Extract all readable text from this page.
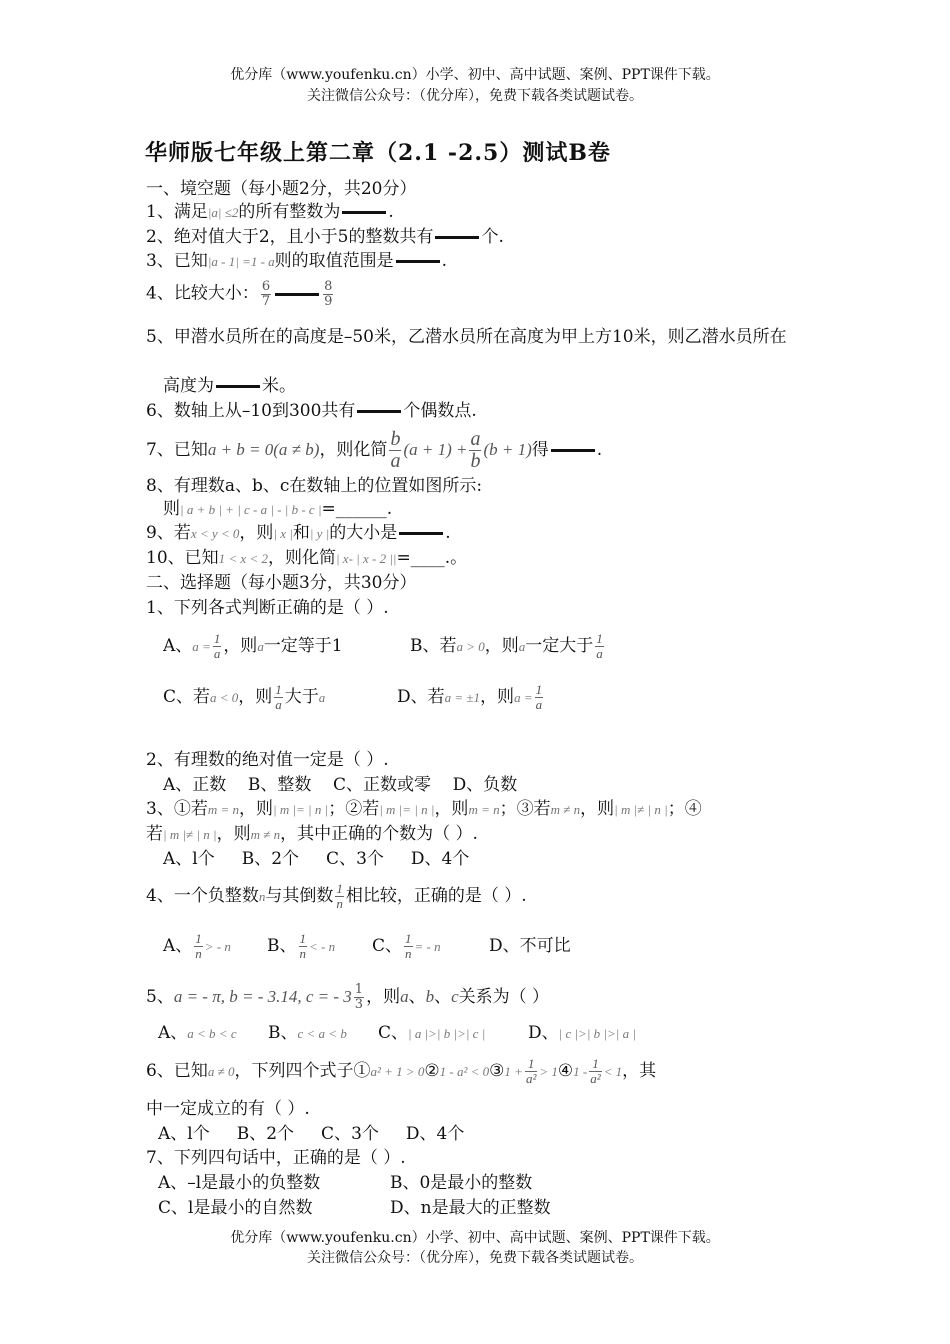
优分库（www.youfenku.cn）小学、初中、高中试题、案例、PPT课件下载。
关注微信公众号：（优分库），免费下载各类试题试卷。
华师版七年级上第二章（2.1 -2.5）测试B卷
一、境空题（每小题2分，共20分）
1、满足|a| ≤2的所有整数为	.
2、绝对值大于2，且小于5的整数共有	个.
3、已知|a - 1| =1 - a则的取值范围是	.
4、比较大小： $\frac{6}{7}$	$\frac{8}{9}$
5、甲潜水员所在的高度是–50米，乙潜水员所在高度为甲上方10米，则乙潜水员所在
高度为	米。
6、数轴上从–10到300共有	个偶数点.
7、已知a + b = 0(a ≠ b)，则化简 $\frac{b}{a} (a + 1) + \frac{a}{b} (b + 1)$得	.
8、有理数a、b、c在数轴上的位置如图所示:
则| a + b | + | c - a | - | b - c |=______.
9、若x < y < 0，则| x |和| y |的大小是	.
10、已知1 < x < 2，则化简| x- | x - 2 ||=____.。
二、选择题（每小题3分，共30分）
1、下列各式判断正确的是（ ）.
A、$a = \frac{1}{a}$ ，则a一定等于1	B、若a > 0，则a一定大于 $\frac{1}{a}$
C、若a < 0，则 $\frac{1}{a}$ 大于a	D、若a = ±1，则$a = \frac{1}{a}$
2、有理数的绝对值一定是（ ）.
A、正数    B、整数    C、正数或零    D、负数
3、①若m = n，则| m |= | n |；②若| m |= | n |，则m = n；③若m ≠ n，则| m |≠ | n |；④
若| m |≠ | n |，则m ≠ n，其中正确的个数为（ ）.
A、l个     B、2个     C、3个     D、4个
4、一个负整数n与其倒数 $\frac{1}{n}$ 相比较，正确的是（ ）.
A、 $\frac{1}{n}$ > - n B、 $\frac{1}{n}$ < - n C、 $\frac{1}{n}$ = - n	D、不可比
5、a = - π, b = - 3.14, c = - $3 \frac{1}{3}$ ，则a、b、c关系为（ ）
A、a < b < c B、c < a < b C、| a |>| b |>| c |	D、| c |>| b |>| a |
6、已知a ≠ 0，下列四个式子①a² + 1 > 0②1 - a² < 0③1 + $\frac{1}{\text{a²}}$ > 1④1 - $\frac{1}{\text{a²}} < 1$，其
中一定成立的有（ ）.
A、l个     B、2个     C、3个     D、4个
7、下列四句话中，正确的是（ ）.
A、–l是最小的负整数	B、0是最小的整数
C、l是最小的自然数	D、n是最大的正整数
优分库（www.youfenku.cn）小学、初中、高中试题、案例、PPT课件下载。
关注微信公众号：（优分库），免费下载各类试题试卷。
